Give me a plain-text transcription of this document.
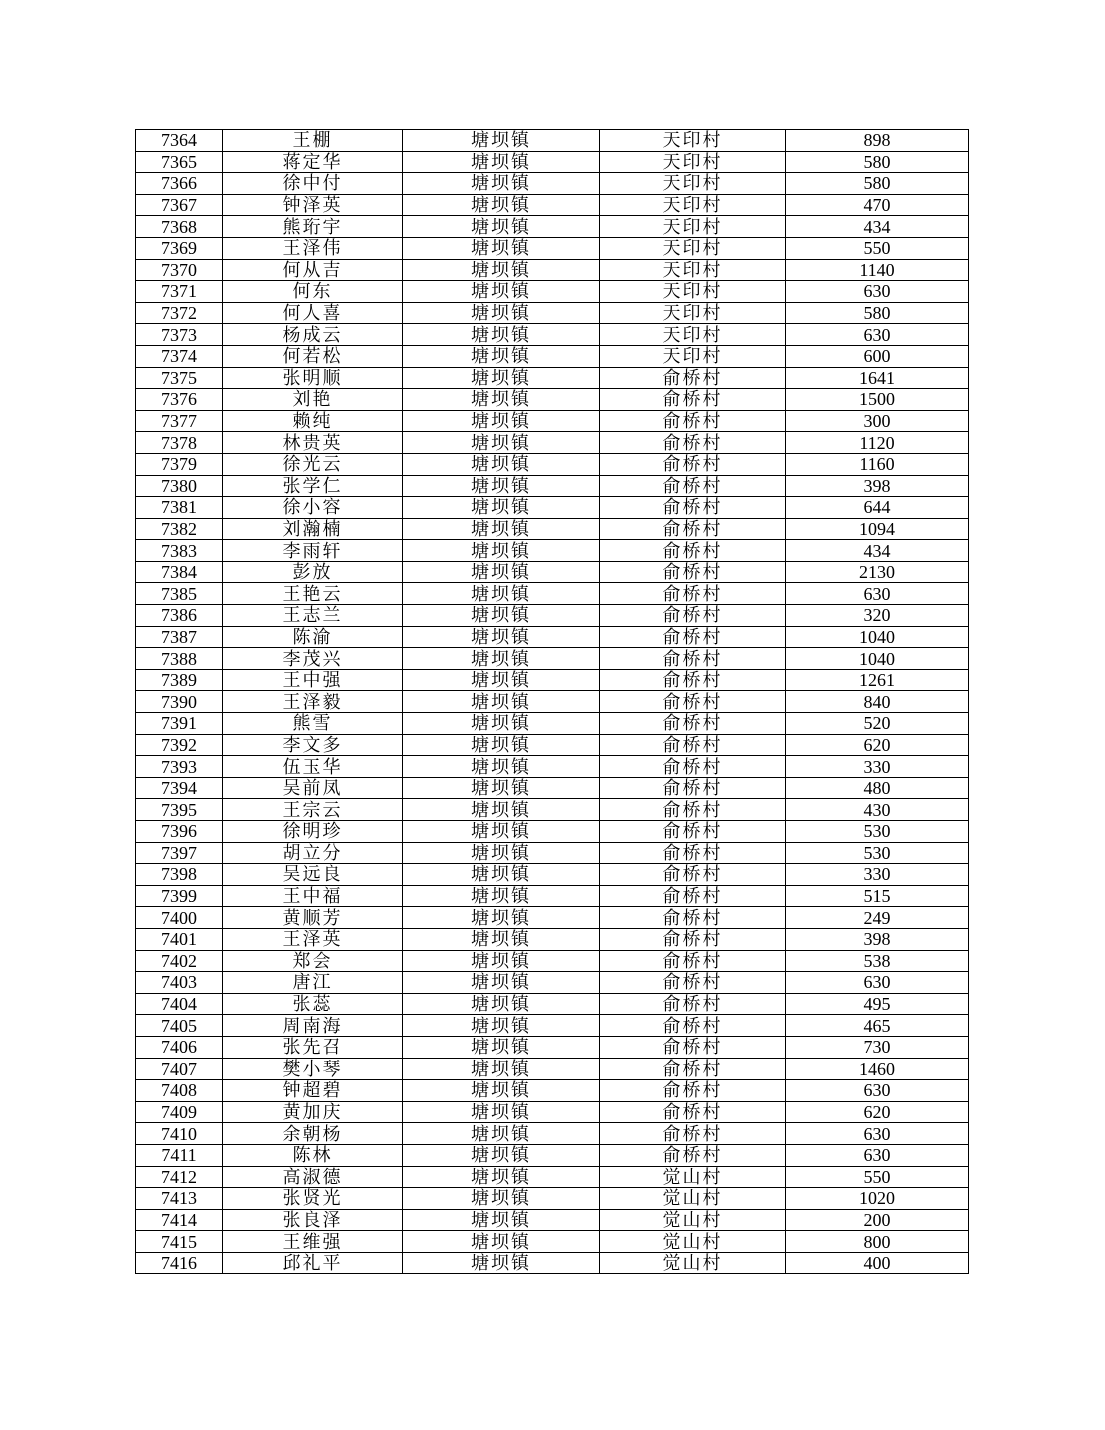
7364	王棚	塘坝镇	天印村	898
7365	蒋定华	塘坝镇	天印村	580
7366	徐中付	塘坝镇	天印村	580
7367	钟泽英	塘坝镇	天印村	470
7368	熊珩宇	塘坝镇	天印村	434
7369	王泽伟	塘坝镇	天印村	550
7370	何从吉	塘坝镇	天印村	1140
7371	何东	塘坝镇	天印村	630
7372	何人喜	塘坝镇	天印村	580
7373	杨成云	塘坝镇	天印村	630
7374	何若松	塘坝镇	天印村	600
7375	张明顺	塘坝镇	俞桥村	1641
7376	刘艳	塘坝镇	俞桥村	1500
7377	赖纯	塘坝镇	俞桥村	300
7378	林贵英	塘坝镇	俞桥村	1120
7379	徐光云	塘坝镇	俞桥村	1160
7380	张学仁	塘坝镇	俞桥村	398
7381	徐小容	塘坝镇	俞桥村	644
7382	刘瀚楠	塘坝镇	俞桥村	1094
7383	李雨轩	塘坝镇	俞桥村	434
7384	彭放	塘坝镇	俞桥村	2130
7385	王艳云	塘坝镇	俞桥村	630
7386	王志兰	塘坝镇	俞桥村	320
7387	陈渝	塘坝镇	俞桥村	1040
7388	李茂兴	塘坝镇	俞桥村	1040
7389	王中强	塘坝镇	俞桥村	1261
7390	王泽毅	塘坝镇	俞桥村	840
7391	熊雪	塘坝镇	俞桥村	520
7392	李文多	塘坝镇	俞桥村	620
7393	伍玉华	塘坝镇	俞桥村	330
7394	吴前凤	塘坝镇	俞桥村	480
7395	王宗云	塘坝镇	俞桥村	430
7396	徐明珍	塘坝镇	俞桥村	530
7397	胡立分	塘坝镇	俞桥村	530
7398	吴远良	塘坝镇	俞桥村	330
7399	王中福	塘坝镇	俞桥村	515
7400	黄顺芳	塘坝镇	俞桥村	249
7401	王泽英	塘坝镇	俞桥村	398
7402	郑会	塘坝镇	俞桥村	538
7403	唐江	塘坝镇	俞桥村	630
7404	张蕊	塘坝镇	俞桥村	495
7405	周南海	塘坝镇	俞桥村	465
7406	张先召	塘坝镇	俞桥村	730
7407	樊小琴	塘坝镇	俞桥村	1460
7408	钟超碧	塘坝镇	俞桥村	630
7409	黄加庆	塘坝镇	俞桥村	620
7410	余朝杨	塘坝镇	俞桥村	630
7411	陈林	塘坝镇	俞桥村	630
7412	高淑德	塘坝镇	觉山村	550
7413	张贤光	塘坝镇	觉山村	1020
7414	张良泽	塘坝镇	觉山村	200
7415	王维强	塘坝镇	觉山村	800
7416	邱礼平	塘坝镇	觉山村	400
